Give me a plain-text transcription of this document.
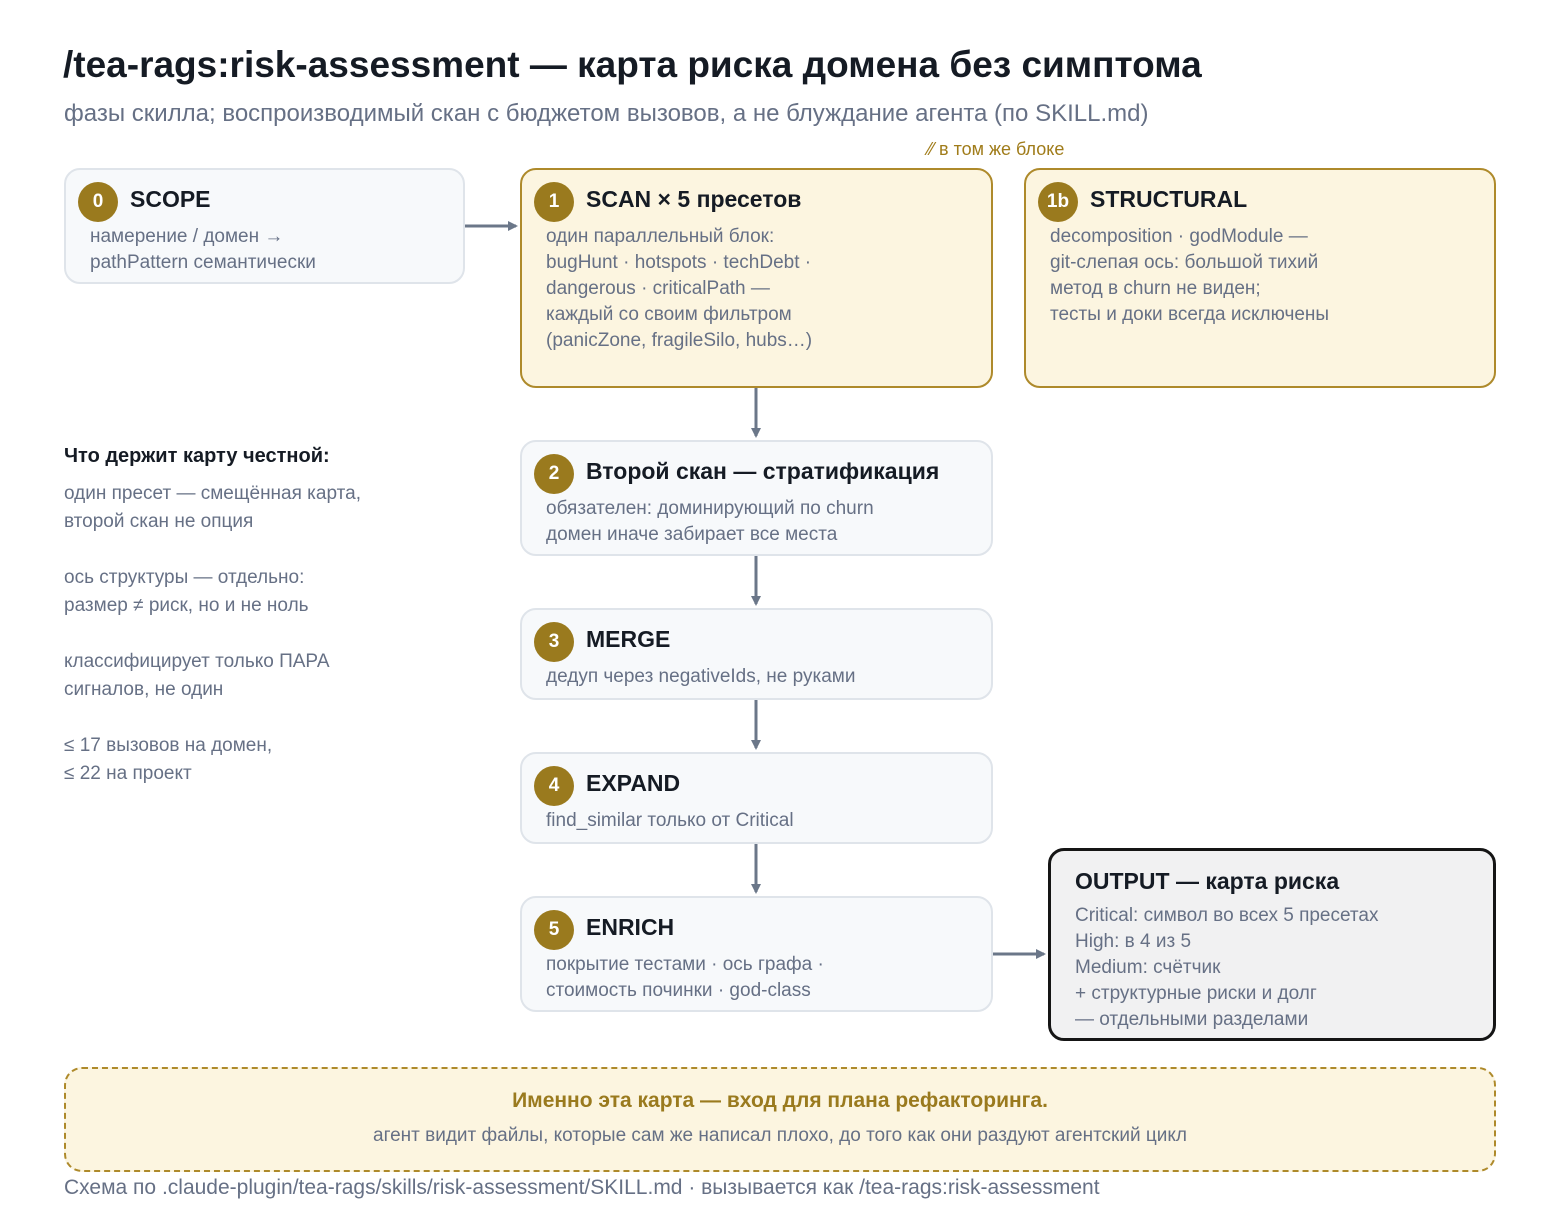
/tea-rags:risk-assessment — карта риска домена без симптома
фазы скилла; воспроизводимый скан с бюджетом вызовов, а не блуждание агента (по SKILL.md)
⁄⁄ в том же блоке
0	SCOPE
намерение / домен →
pathPattern семантически
1	SCAN × 5 пресетов
один параллельный блок:
bugHunt · hotspots · techDebt ·
dangerous · criticalPath —
каждый со своим фильтром
(panicZone, fragileSilo, hubs…)
1b STRUCTURAL
decomposition · godModule —
git-слепая ось: большой тихий
метод в churn не виден;
тесты и доки всегда исключены
2	Второй скан — стратификация
обязателен: доминирующий по churn
домен иначе забирает все места
3	MERGE
дедуп через negativeIds, не руками
4	EXPAND
find_similar только от Critical
5	ENRICH
покрытие тестами · ось графа ·
стоимость починки · god-class
OUTPUT — карта риска
Critical: символ во всех 5 пресетах
High: в 4 из 5
Medium: счётчик
+ структурные риски и долг
— отдельными разделами
Что держит карту честной:
один пресет — смещённая карта,
второй скан не опция
ось структуры — отдельно:
размер ≠ риск, но и не ноль
классифицирует только ПАРА
сигналов, не один
≤ 17 вызовов на домен,
≤ 22 на проект
Именно эта карта — вход для плана рефакторинга.
агент видит файлы, которые сам же написал плохо, до того как они раздуют агентский цикл
Схема по .claude-plugin/tea-rags/skills/risk-assessment/SKILL.md · вызывается как /tea-rags:risk-assessment
